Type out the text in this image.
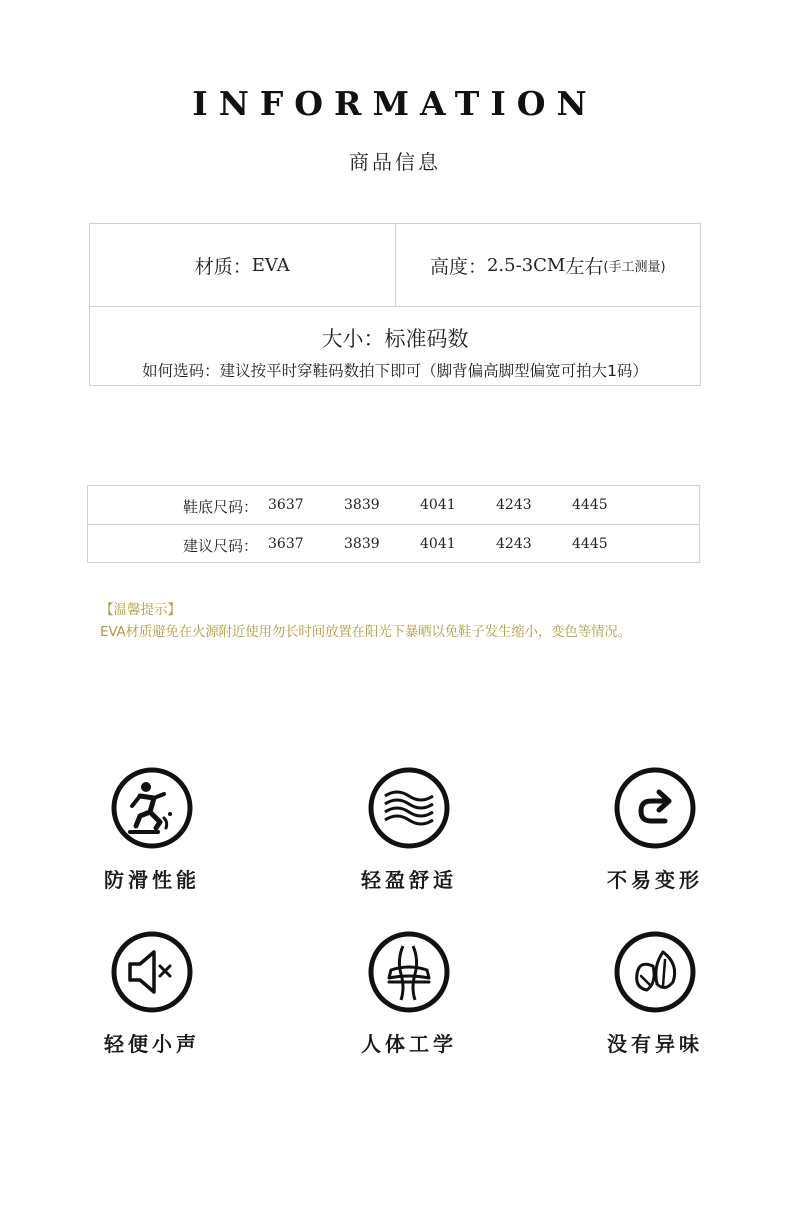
INFORMATION
商品信息
材质： EVA	高度： 2.5-3CM 左右 (手工测量)
大小：标准码数
如何选码：建议按平时穿鞋码数拍下即可（脚背偏高脚型偏宽可拍大1码）
鞋底尺码： 3637	3839	4041	4243	4445
建议尺码： 3637	3839	4041	4243	4445
【温馨提示】
EVA材质避免在火源附近使用勿长时间放置在阳光下暴晒以免鞋子发生缩小，变色等情况。
防滑性能	轻盈舒适	不易变形
轻便小声	人体工学	没有异味
